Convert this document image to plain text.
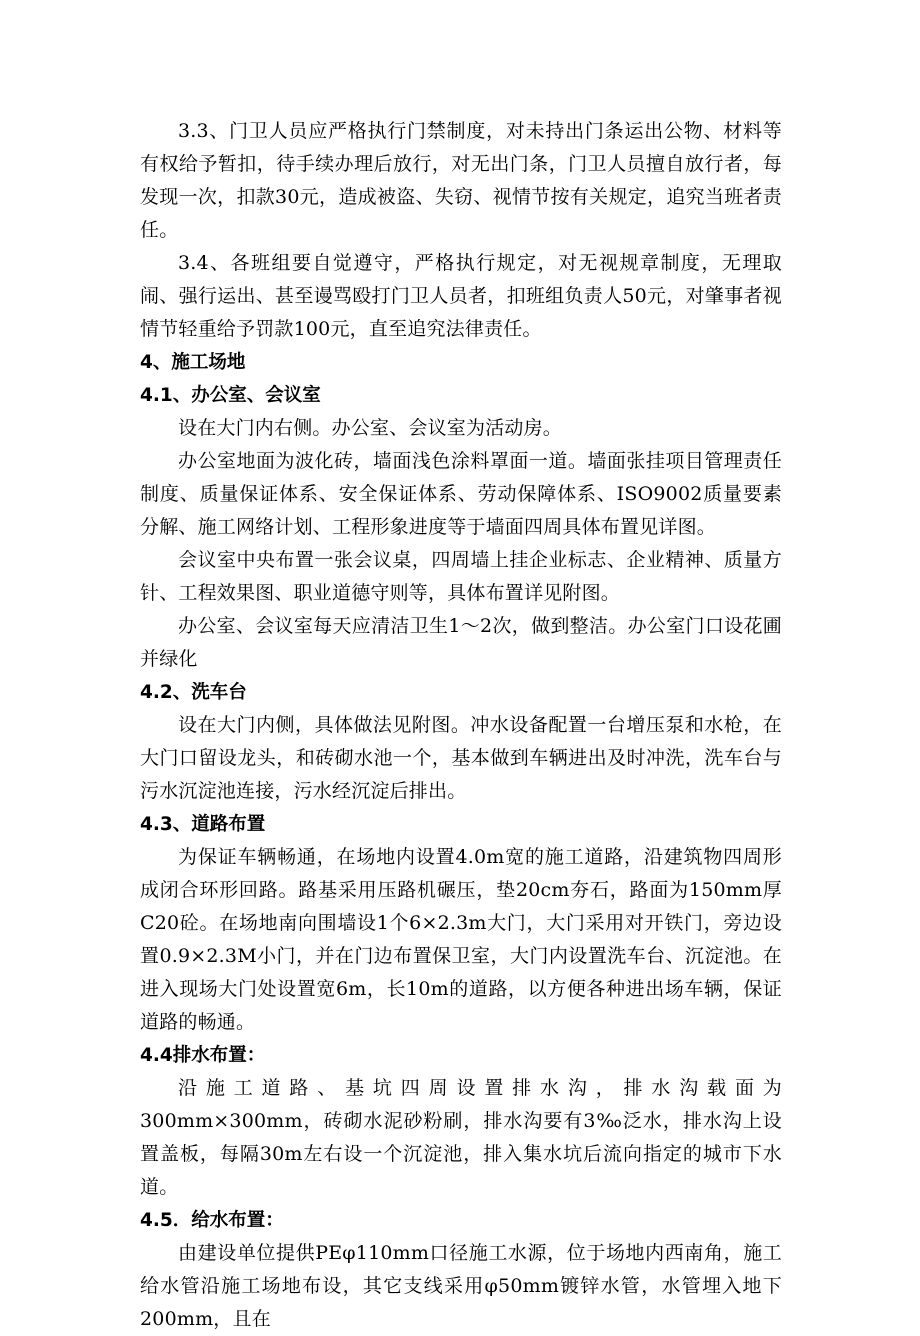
3.3、门卫人员应严格执行门禁制度，对未持出门条运出公物、材料等有权给予暂扣，待手续办理后放行，对无出门条，门卫人员擅自放行者，每发现一次，扣款30元，造成被盗、失窃、视情节按有关规定，追究当班者责任。

3.4、各班组要自觉遵守，严格执行规定，对无视规章制度，无理取闹、强行运出、甚至谩骂殴打门卫人员者，扣班组负责人50元，对肇事者视情节轻重给予罚款100元，直至追究法律责任。

4、施工场地
4.1、办公室、会议室

设在大门内右侧。办公室、会议室为活动房。

办公室地面为波化砖，墙面浅色涂料罩面一道。墙面张挂项目管理责任制度、质量保证体系、安全保证体系、劳动保障体系、ISO9002质量要素分解、施工网络计划、工程形象进度等于墙面四周具体布置见详图。

会议室中央布置一张会议桌，四周墙上挂企业标志、企业精神、质量方针、工程效果图、职业道德守则等，具体布置详见附图。

办公室、会议室每天应清洁卫生1～2次，做到整洁。办公室门口设花圃并绿化

4.2、洗车台

设在大门内侧，具体做法见附图。冲水设备配置一台增压泵和水枪，在大门口留设龙头，和砖砌水池一个，基本做到车辆进出及时冲洗，洗车台与污水沉淀池连接，污水经沉淀后排出。

4.3、道路布置

为保证车辆畅通，在场地内设置4.0m宽的施工道路，沿建筑物四周形成闭合环形回路。路基采用压路机碾压，垫20cm夯石，路面为150mm厚C20砼。在场地南向围墙设1个6×2.3m大门，大门采用对开铁门，旁边设置0.9×2.3M小门，并在门边布置保卫室，大门内设置洗车台、沉淀池。在进入现场大门处设置宽6m，长10m的道路，以方便各种进出场车辆，保证道路的畅通。

4.4排水布置：

沿施工道路、基坑四周设置排水沟，排水沟载面为300mm×300mm，砖砌水泥砂粉刷，排水沟要有3‰泛水，排水沟上设置盖板，每隔30m左右设一个沉淀池，排入集水坑后流向指定的城市下水道。

4.5．给水布置：

由建设单位提供PEφ110mm口径施工水源，位于场地内西南角，施工给水管沿施工场地布设，其它支线采用φ50mm镀锌水管，水管埋入地下200mm，且在
